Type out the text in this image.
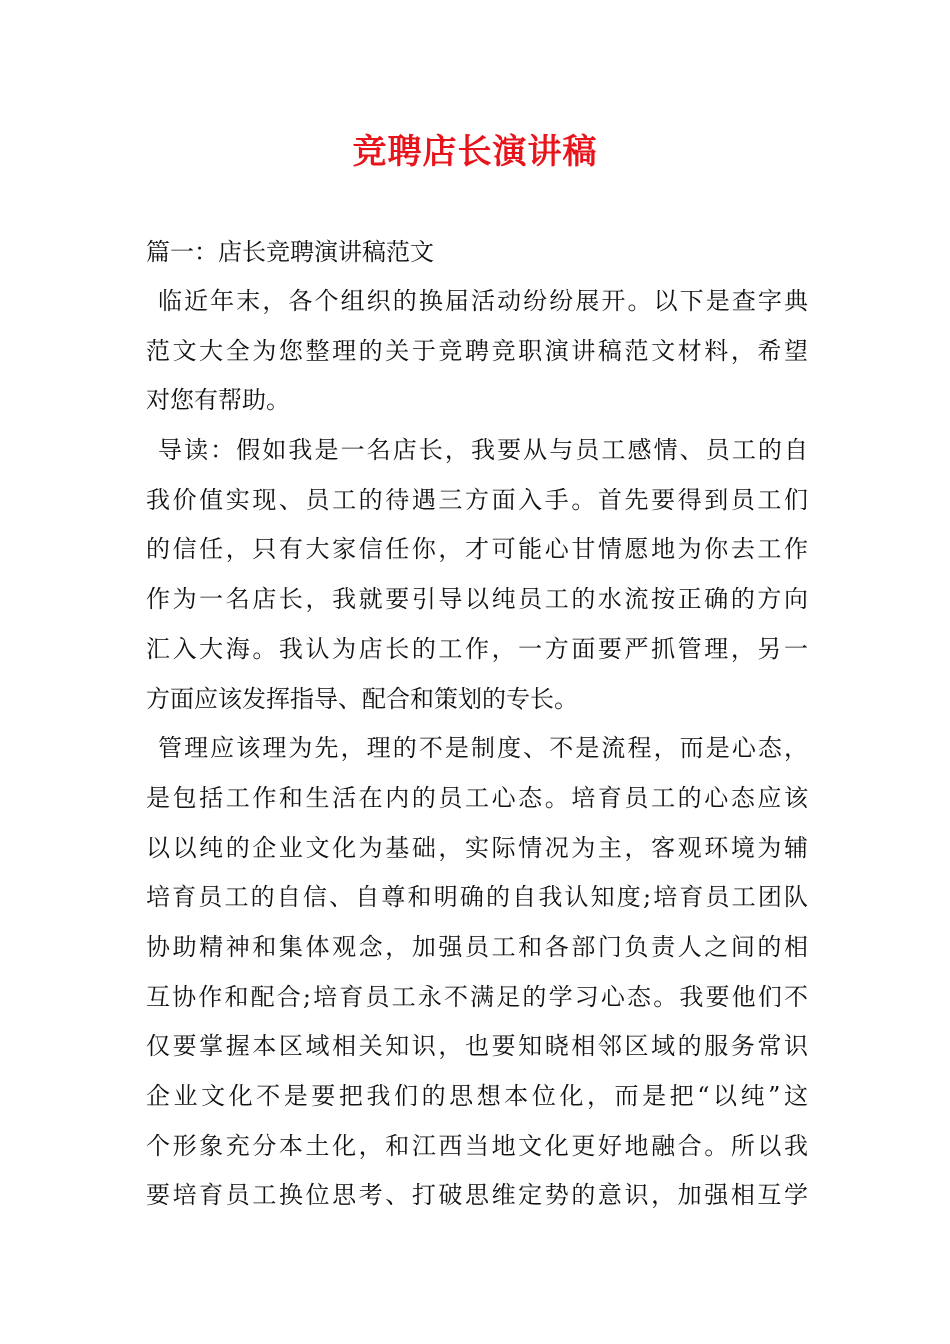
竞聘店长演讲稿

篇一：店长竞聘演讲稿范文

临近年末，各个组织的换届活动纷纷展开。以下是查字典

范文大全为您整理的关于竞聘竞职演讲稿范文材料，希望

对您有帮助。

导读：假如我是一名店长，我要从与员工感情、员工的自

我价值实现、员工的待遇三方面入手。首先要得到员工们

的信任，只有大家信任你，才可能心甘情愿地为你去工作

作为一名店长，我就要引导以纯员工的水流按正确的方向

汇入大海。我认为店长的工作，一方面要严抓管理，另一

方面应该发挥指导、配合和策划的专长。

管理应该理为先，理的不是制度、不是流程，而是心态，

是包括工作和生活在内的员工心态。培育员工的心态应该

以以纯的企业文化为基础，实际情况为主，客观环境为辅

培育员工的自信、自尊和明确的自我认知度;培育员工团队

协助精神和集体观念，加强员工和各部门负责人之间的相

互协作和配合;培育员工永不满足的学习心态。我要他们不

仅要掌握本区域相关知识，也要知晓相邻区域的服务常识

企业文化不是要把我们的思想本位化，而是把“以纯”这

个形象充分本土化，和江西当地文化更好地融合。所以我

要培育员工换位思考、打破思维定势的意识，加强相互学
